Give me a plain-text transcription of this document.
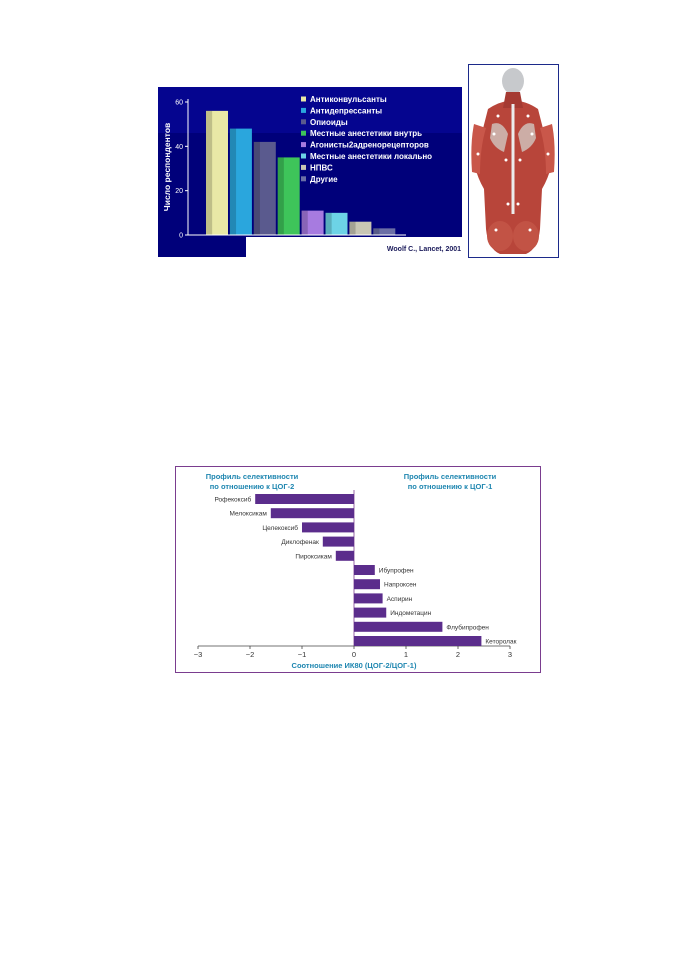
0
20
40
60
Число респондентов
Антиконвульсанты
Антидепрессанты
Опиоиды
Местные анестетики внутрь
Агонисты2адренорецепторов
Местные анестетики локально
НПВС
Другие
Woolf C., Lancet, 2001
Профиль селективности
по отношению к ЦОГ-2
Профиль селективности
по отношению к ЦОГ-1
Рофекоксиб
Мелоксикам
Целекоксиб
Диклофенак
Пироксикам
Ибупрофен
Напроксен
Аспирин
Индометацин
Флубипрофен
Кеторолак
−3	−2	−1	0	1	2	3
Соотношение ИК80 (ЦОГ-2/ЦОГ-1)
